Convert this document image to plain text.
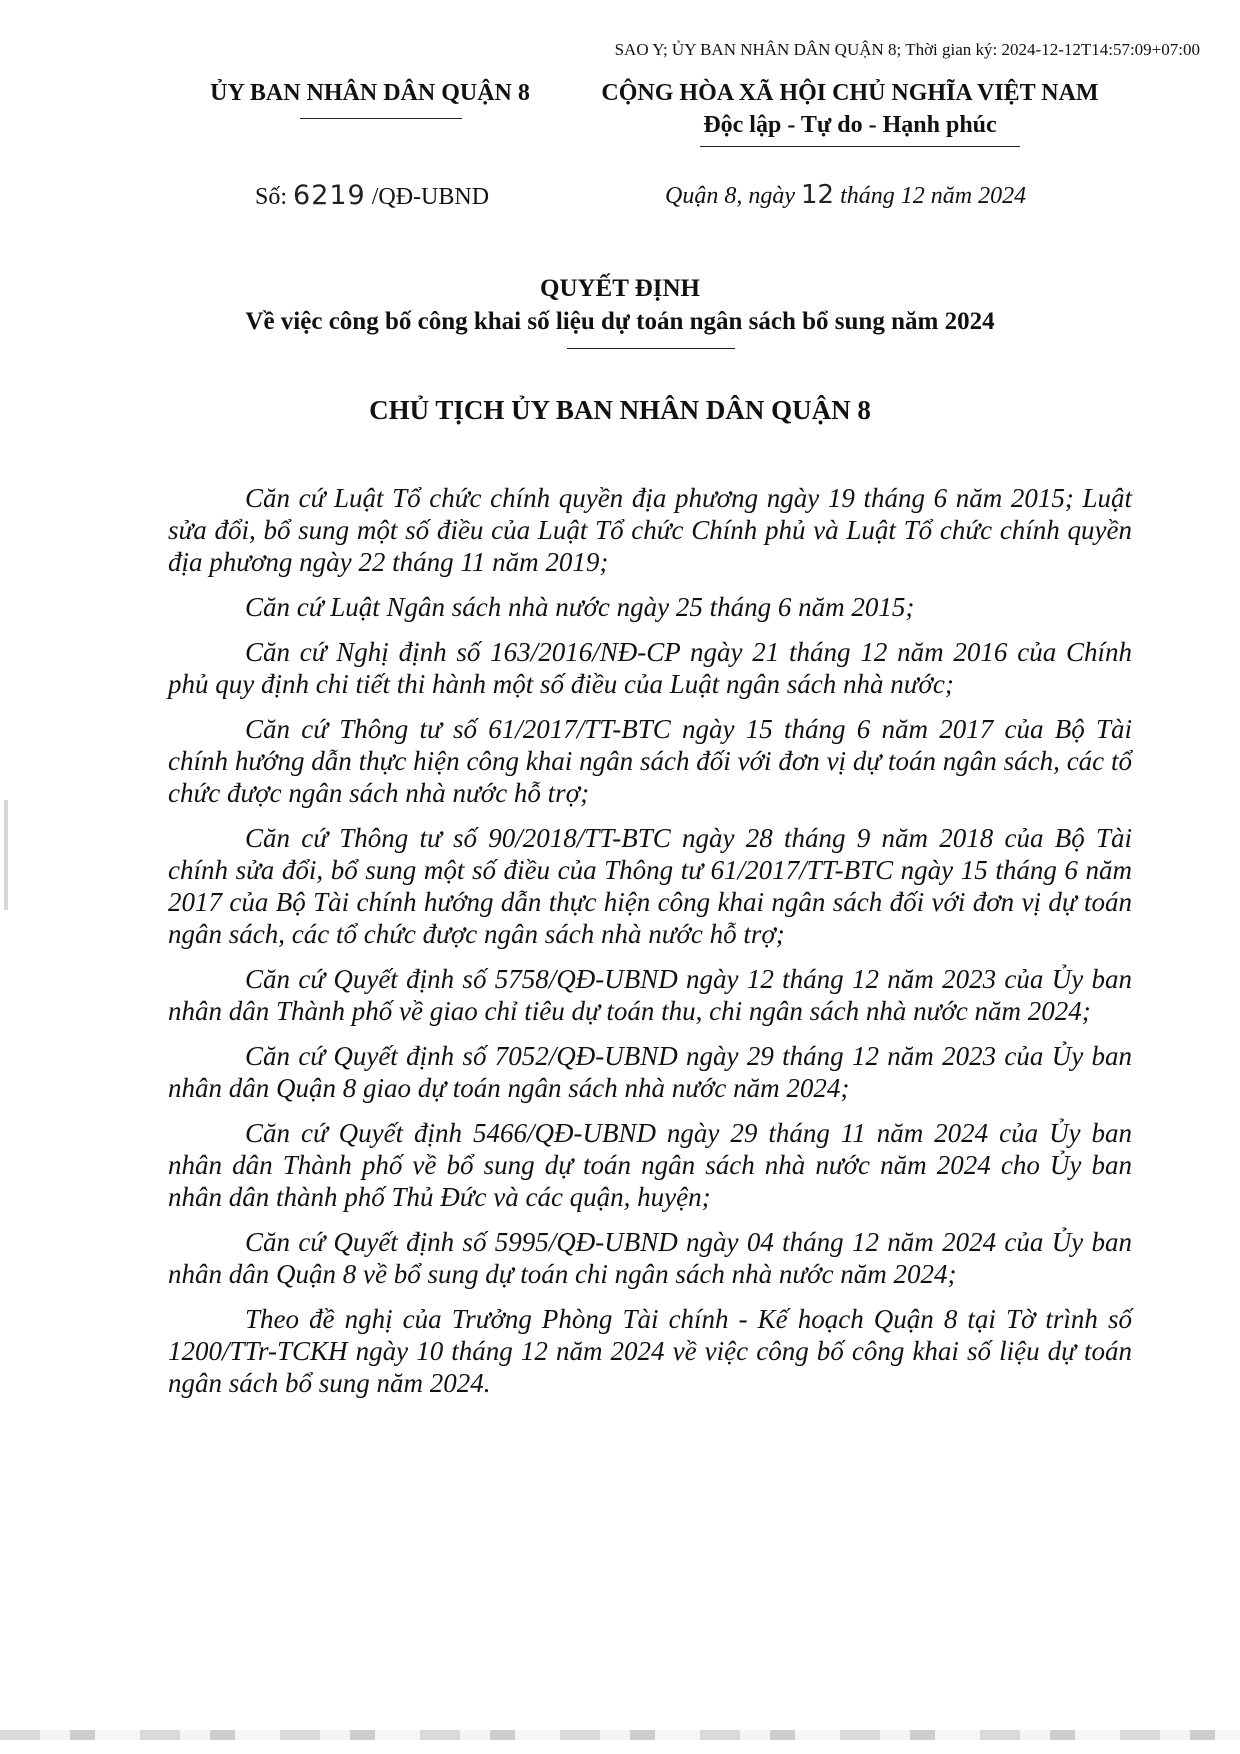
SAO Y; ỦY BAN NHÂN DÂN QUẬN 8; Thời gian ký: 2024-12-12T14:57:09+07:00
ỦY BAN NHÂN DÂN QUẬN 8	CỘNG HÒA XÃ HỘI CHỦ NGHĨA VIỆT NAM
Độc lập - Tự do - Hạnh phúc
Số: 6219 /QĐ-UBND	Quận 8, ngày 12 tháng 12 năm 2024
QUYẾT ĐỊNH
Về việc công bố công khai số liệu dự toán ngân sách bổ sung năm 2024
CHỦ TỊCH ỦY BAN NHÂN DÂN QUẬN 8

Căn cứ Luật Tổ chức chính quyền địa phương ngày 19 tháng 6 năm 2015; Luật sửa đổi, bổ sung một số điều của Luật Tổ chức Chính phủ và Luật Tổ chức chính quyền địa phương ngày 22 tháng 11 năm 2019;

Căn cứ Luật Ngân sách nhà nước ngày 25 tháng 6 năm 2015;

Căn cứ Nghị định số 163/2016/NĐ-CP ngày 21 tháng 12 năm 2016 của Chính phủ quy định chi tiết thi hành một số điều của Luật ngân sách nhà nước;

Căn cứ Thông tư số 61/2017/TT-BTC ngày 15 tháng 6 năm 2017 của Bộ Tài chính hướng dẫn thực hiện công khai ngân sách đối với đơn vị dự toán ngân sách, các tổ chức được ngân sách nhà nước hỗ trợ;

Căn cứ Thông tư số 90/2018/TT-BTC ngày 28 tháng 9 năm 2018 của Bộ Tài chính sửa đổi, bổ sung một số điều của Thông tư 61/2017/TT-BTC ngày 15 tháng 6 năm 2017 của Bộ Tài chính hướng dẫn thực hiện công khai ngân sách đối với đơn vị dự toán ngân sách, các tổ chức được ngân sách nhà nước hỗ trợ;

Căn cứ Quyết định số 5758/QĐ-UBND ngày 12 tháng 12 năm 2023 của Ủy ban nhân dân Thành phố về giao chỉ tiêu dự toán thu, chi ngân sách nhà nước năm 2024;

Căn cứ Quyết định số 7052/QĐ-UBND ngày 29 tháng 12 năm 2023 của Ủy ban nhân dân Quận 8 giao dự toán ngân sách nhà nước năm 2024;

Căn cứ Quyết định 5466/QĐ-UBND ngày 29 tháng 11 năm 2024 của Ủy ban nhân dân Thành phố về bổ sung dự toán ngân sách nhà nước năm 2024 cho Ủy ban nhân dân thành phố Thủ Đức và các quận, huyện;

Căn cứ Quyết định số 5995/QĐ-UBND ngày 04 tháng 12 năm 2024 của Ủy ban nhân dân Quận 8 về bổ sung dự toán chi ngân sách nhà nước năm 2024;

Theo đề nghị của Trưởng Phòng Tài chính - Kế hoạch Quận 8 tại Tờ trình số 1200/TTr-TCKH ngày 10 tháng 12 năm 2024 về việc công bố công khai số liệu dự toán ngân sách bổ sung năm 2024.
